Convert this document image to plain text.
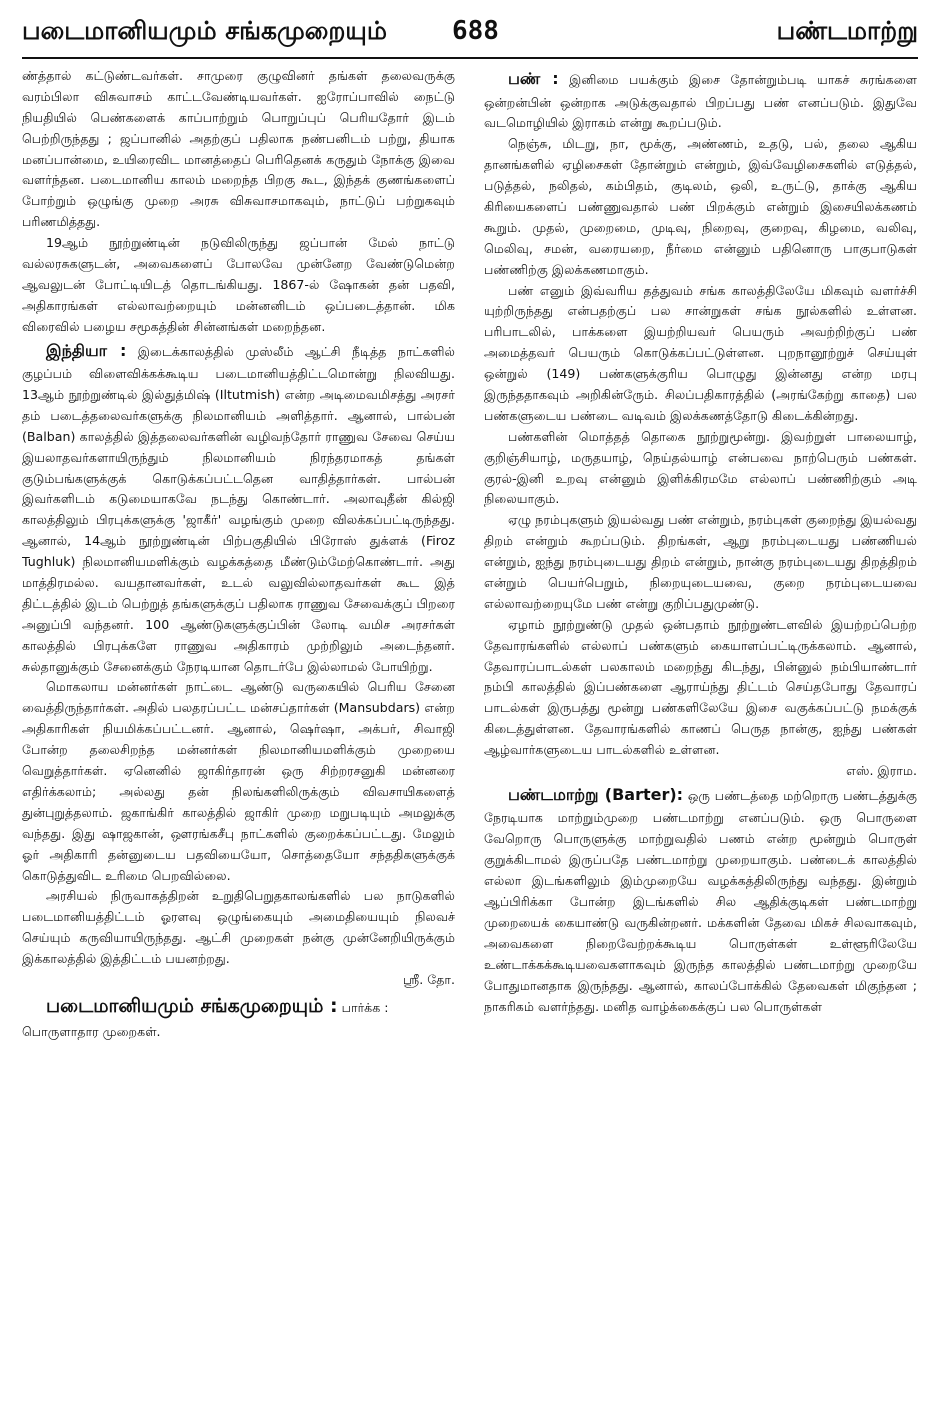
படைமானியமும் சங்கமுறையும்	688	பண்டமாற்று

ண்த்தால் கட்டுண்டவர்கள். சாமுரை குழுவினர் தங்கள் தலைவருக்கு வரம்பிலா விசுவாசம் காட்டவேண்டியவர்கள். ஐரோப்பாவில் நைட்டு நியதியில் பெண்களைக் காப்பாற்றும் பொறுப்புப் பெரியதோர் இடம் பெற்றிருந்தது ; ஜப்பானில் அதற்குப் பதிலாக நண்பனிடம் பற்று, தியாக மனப்பான்மை, உயிரைவிட மானத்தைப் பெரிதெனக் கருதும் நோக்கு இவை வளர்ந்தன. படைமானிய காலம் மறைந்த பிறகு கூட, இந்தக் குணங்களைப் போற்றும் ஒழுங்கு முறை அரசு விசுவாசமாகவும், நாட்டுப் பற்றுகவும் பரிணமித்தது.

19ஆம் நூற்றுண்டின் நடுவிலிருந்து ஜப்பான் மேல் நாட்டு வல்லரசுகளுடன், அவைகளைப் போலவே முன்னேற வேண்டுமென்ற ஆவலுடன் போட்டியிடத் தொடங்கியது. 1867-ல் ஷோகன் தன் பதவி, அதிகாரங்கள் எல்லாவற்றையும் மன்னனிடம் ஒப்படைத்தான். மிக விரைவில் பழைய சமூகத்தின் சின்னங்கள் மறைந்தன.

இந்தியா : இடைக்காலத்தில் முஸ்லீம் ஆட்சி நீடித்த நாட்களில் குழப்பம் விளைவிக்கக்கூடிய படைமானியத்திட்டமொன்று நிலவியது. 13ஆம் நூற்றுண்டில் இல்துத்மிஷ் (Iltutmish) என்ற அடிமைவமிசத்து அரசர் தம் படைத்தலைவர்களுக்கு நிலமானியம் அளித்தார். ஆனால், பால்பன் (Balban) காலத்தில் இத்தலைவர்களின் வழிவந்தோர் ராணுவ சேவை செய்ய இயலாதவர்களாயிருந்தும் நிலமானியம் நிரந்தரமாகத் தங்கள் குடும்பங்களுக்குக் கொடுக்கப்பட்டதென வாதித்தார்கள். பால்பன் இவர்களிடம் கடுமையாகவே நடந்து கொண்டார். அலாவுதீன் கில்ஜி காலத்திலும் பிரபுக்களுக்கு 'ஜாகீர்' வழங்கும் முறை விலக்கப்பட்டிருந்தது. ஆனால், 14ஆம் நூற்றுண்டின் பிற்பகுதியில் பிரோஸ் துக்ளக் (Firoz Tughluk) நிலமானியமளிக்கும் வழக்கத்தை மீண்டும்மேற்கொண்டார். அது மாத்திரமல்ல. வயதானவர்கள், உடல் வலுவில்லாதவர்கள் கூட இத் திட்டத்தில் இடம் பெற்றுத் தங்களுக்குப் பதிலாக ராணுவ சேவைக்குப் பிறரை அனுப்பி வந்தனர். 100 ஆண்டுகளுக்குப்பின் லோடி வமிச அரசர்கள் காலத்தில் பிரபுக்களே ராணுவ அதிகாரம் முற்றிலும் அடைந்தனர். சுல்தானுக்கும் சேனைக்கும் நேரடியான தொடர்பே இல்லாமல் போயிற்று.

மொகலாய மன்னர்கள் நாட்டை ஆண்டு வருகையில் பெரிய சேனை வைத்திருந்தார்கள். அதில் பலதரப்பட்ட மன்சப்தார்கள் (Mansubdars) என்ற அதிகாரிகள் நியமிக்கப்பட்டனர். ஆனால், ஷெர்ஷா, அக்பர், சிவாஜி போன்ற தலைசிறந்த மன்னர்கள் நிலமானியமளிக்கும் முறையை வெறுத்தார்கள். ஏனெனில் ஜாகிர்தாரன் ஒரு சிற்றரசனுகி மன்னரை எதிர்க்கலாம்; அல்லது தன் நிலங்களிலிருக்கும் விவசாயிகளைத் துன்புறுத்தலாம். ஜகாங்கிர் காலத்தில் ஜாகிர் முறை மறுபடியும் அமலுக்கு வந்தது. இது ஷாஜகான், ஔரங்கசீபு நாட்களில் குறைக்கப்பட்டது. மேலும் ஓர் அதிகாரி தன்னுடைய பதவியையோ, சொத்தையோ சந்ததிகளுக்குக் கொடுத்துவிட உரிமை பெறவில்லை.

அரசியல் நிருவாகத்திறன் உறுதிபெறுதகாலங்களில் பல நாடுகளில் படைமானியத்திட்டம் ஓரளவு ஒழுங்கையும் அமைதியையும் நிலவச் செய்யும் கருவியாயிருந்தது. ஆட்சி முறைகள் நன்கு முன்னேறியிருக்கும் இக்காலத்தில் இத்திட்டம் பயனற்றது.
ஸ்ரீ. தோ.

படைமானியமும் சங்கமுறையும் : பார்க்க :
பொருளாதார முறைகள்.

பண் : இனிமை பயக்கும் இசை தோன்றும்படி யாகச் சுரங்களை ஒன்றன்பின் ஒன்றாக அடுக்குவதால் பிறப்பது பண் எனப்படும். இதுவே வடமொழியில் இராகம் என்று கூறப்படும்.

நெஞ்சு, மிடறு, நா, மூக்கு, அண்ணம், உதடு, பல், தலை ஆகிய தானங்களில் ஏழிசைகள் தோன்றும் என்றும், இவ்வேழிசைகளில் எடுத்தல், படுத்தல், நலிதல், கம்பிதம், குடிலம், ஒலி, உருட்டு, தாக்கு ஆகிய கிரியைகளைப் பண்ணுவதால் பண் பிறக்கும் என்றும் இசையிலக்கணம் கூறும். முதல், முறைமை, முடிவு, நிறைவு, குறைவு, கிழமை, வலிவு, மெலிவு, சமன், வரையறை, நீர்மை என்னும் பதினொரு பாகுபாடுகள் பண்ணிற்கு இலக்கணமாகும்.

பண் எனும் இவ்வரிய தத்துவம் சங்க காலத்திலேயே மிகவும் வளர்ச்சி யுற்றிருந்தது என்பதற்குப் பல சான்றுகள் சங்க நூல்களில் உள்ளன. பரிபாடலில், பாக்களை இயற்றியவர் பெயரும் அவற்றிற்குப் பண் அமைத்தவர் பெயரும் கொடுக்கப்பட்டுள்ளன. புறநானூற்றுச் செய்யுள் ஒன்றுல் (149) பண்களுக்குரிய பொழுது இன்னது என்ற மரபு இருந்ததாகவும் அறிகின்ருேம். சிலப்பதிகாரத்தில் (அரங்கேற்று காதை) பல பண்களுடைய பண்டை வடிவம் இலக்கணத்தோடு கிடைக்கின்றது.

பண்களின் மொத்தத் தொகை நூற்றுமூன்று. இவற்றுள் பாலையாழ், குறிஞ்சியாழ், மருதயாழ், நெய்தல்யாழ் என்பவை நாற்பெரும் பண்கள். குரல்-இனி உறவு என்னும் இளிக்கிரமமே எல்லாப் பண்ணிற்கும் அடி நிலையாகும்.

ஏழு நரம்புகளும் இயல்வது பண் என்றும், நரம்புகள் குறைந்து இயல்வது திறம் என்றும் கூறப்படும். திறங்கள், ஆறு நரம்புடையது பண்ணியல் என்றும், ஐந்து நரம்புடையது திறம் என்றும், நான்கு நரம்புடையது திறத்திறம் என்றும் பெயர்பெறும், நிறையுடையவை, குறை நரம்புடையவை எல்லாவற்றையுமே பண் என்று குறிப்பதுமுண்டு.

ஏழாம் நூற்றுண்டு முதல் ஒன்பதாம் நூற்றுண்டளவில் இயற்றப்பெற்ற தேவாரங்களில் எல்லாப் பண்களும் கையாளப்பட்டிருக்கலாம். ஆனால், தேவாரப்பாடல்கள் பலகாலம் மறைந்து கிடந்து, பின்னுல் நம்பியாண்டார் நம்பி காலத்தில் இப்பண்களை ஆராய்ந்து திட்டம் செய்தபோது தேவாரப் பாடல்கள் இருபத்து மூன்று பண்களிலேயே இசை வகுக்கப்பட்டு நமக்குக் கிடைத்துள்ளன. தேவாரங்களில் காணப் பெருத நான்கு, ஐந்து பண்கள் ஆழ்வார்களுடைய பாடல்களில் உள்ளன.
எஸ். இராம.

பண்டமாற்று (Barter): ஒரு பண்டத்தை மற்றொரு பண்டத்துக்கு நேரடியாக மாற்றும்முறை பண்டமாற்று எனப்படும். ஒரு பொருளை வேறொரு பொருளுக்கு மாற்றுவதில் பணம் என்ற மூன்றும் பொருள் குறுக்கிடாமல் இருப்பதே பண்டமாற்று முறையாகும். பண்டைக் காலத்தில் எல்லா இடங்களிலும் இம்முறையே வழக்கத்திலிருந்து வந்தது. இன்றும் ஆப்பிரிக்கா போன்ற இடங்களில் சில ஆதிக்குடிகள் பண்டமாற்று முறையைக் கையாண்டு வருகின்றனர். மக்களின் தேவை மிகச் சிலவாகவும், அவைகளை நிறைவேற்றக்கூடிய பொருள்கள் உள்ளூரிலேயே உண்டாக்கக்கூடியவைகளாகவும் இருந்த காலத்தில் பண்டமாற்று முறையே போதுமானதாக இருந்தது. ஆனால், காலப்போக்கில் தேவைகள் மிகுந்தன ; நாகரிகம் வளர்ந்தது. மனித வாழ்க்கைக்குப் பல பொருள்கள்
